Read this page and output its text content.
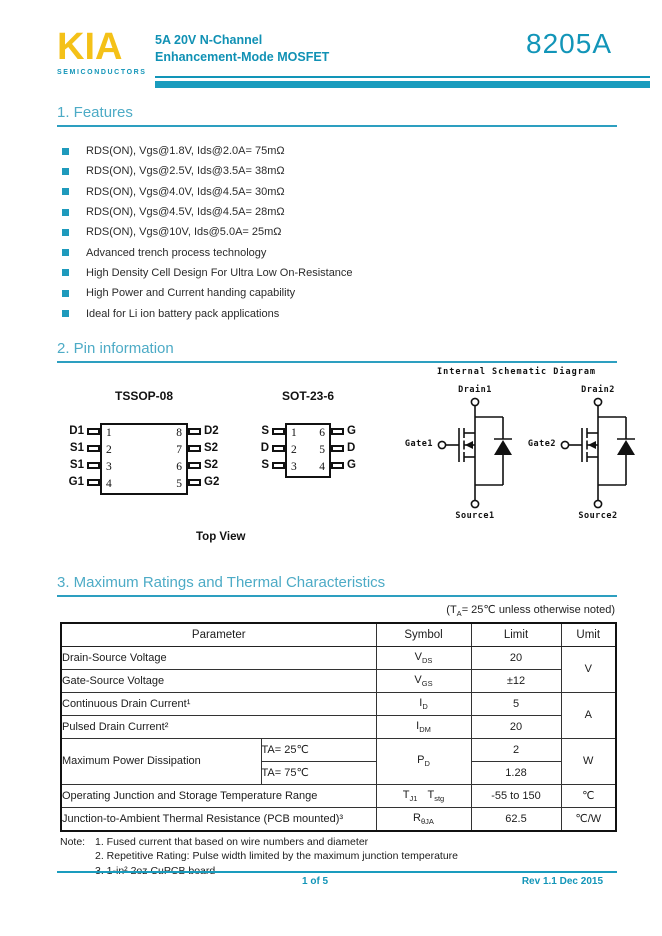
KIA
SEMICONDUCTORS
5A 20V N-Channel
Enhancement-Mode MOSFET	8205A
1. Features
RDS(ON), Vgs@1.8V, Ids@2.0A= 75mΩ
RDS(ON), Vgs@2.5V, Ids@3.5A= 38mΩ
RDS(ON), Vgs@4.0V, Ids@4.5A= 30mΩ
RDS(ON), Vgs@4.5V, Ids@4.5A= 28mΩ
RDS(ON), Vgs@10V, Ids@5.0A= 25mΩ
Advanced trench process technology
High Density Cell Design For Ultra Low On-Resistance
High Power and Current handing capability
Ideal for Li ion battery pack applications
2. Pin information
TSSOP-08
D1
S1
S1
G1
1	8
2	7
3	6
4	5
D2
S2
S2
G2
SOT-23-6
S
D
S
1	6
2	5
3	4
G
D
G
Top View
Internal Schematic Diagram
Drain1
Gate1
Source1
Drain2
Gate2
Source2
3. Maximum Ratings and Thermal Characteristics
($T_A=$ 25℃ unless otherwise noted)
Parameter		Symbol	Limit	Umit
Drain-Source Voltage		$V_{DS}$	20	V
Gate-Source Voltage		$V_{GS}$	±12	
Continuous Drain Current¹		$I_D$	5	A
Pulsed Drain Current²		$I_{DM}$	20	
Maximum Power Dissipation	TA= 25℃	$P_D$	2	W
	TA= 75℃		1.28	
Operating Junction and Storage Temperature Range		$T_{J1}$ $T_{stg}$	-55 to 150	℃
Junction-to-Ambient Thermal Resistance (PCB mounted)³		$R_{\theta JA}$	62.5	℃/W
Note: 1. Fused current that based on wire numbers and diameter
2. Repetitive Rating: Pulse width limited by the maximum junction temperature
1 of 5	Rev 1.1 Dec 2015
